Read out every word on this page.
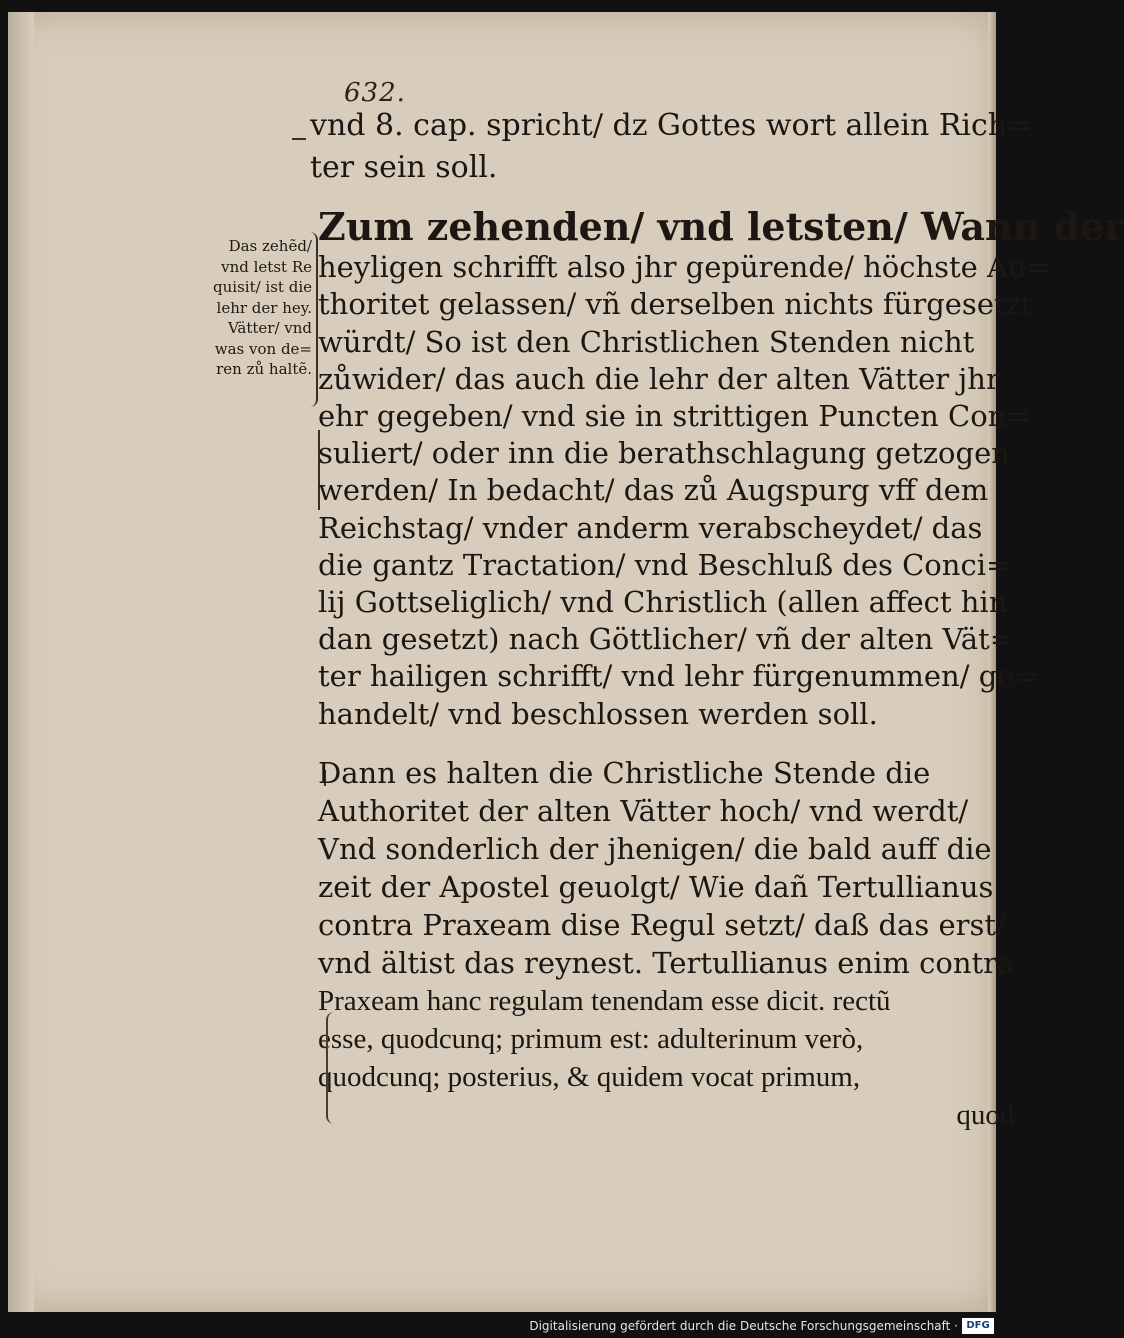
632.
vnd 8. cap. spricht/ dz Gottes wort allein Rich=
ter sein soll.
Das zehẽd/
vnd letst Re
quisit/ ist die
lehr der hey.
Vätter/ vnd
was von de=
ren zů haltẽ.
Zum zehenden/ vnd letsten/ Wann der
heyligen schrifft also jhr gepürende/ höchste Au=
thoritet gelassen/ vñ derselben nichts fürgesetzt
würdt/ So ist den Christlichen Stenden nicht
zůwider/ das auch die lehr der alten Vätter jhr
ehr gegeben/ vnd sie in strittigen Puncten Con=
suliert/ oder inn die berathschlagung getzogen
werden/ In bedacht/ das zů Augspurg vff dem
Reichstag/ vnder anderm verabscheydet/ das
die gantz Tractation/ vnd Beschluß des Conci=
lij Gottseliglich/ vnd Christlich (allen affect hin
dan gesetzt) nach Göttlicher/ vñ der alten Vät=
ter hailigen schrifft/ vnd lehr fürgenummen/ ge=
handelt/ vnd beschlossen werden soll.
Dann es halten die Christliche Stende die
Authoritet der alten Vätter hoch/ vnd werdt/
Vnd sonderlich der jhenigen/ die bald auff die
zeit der Apostel geuolgt/ Wie dañ Tertullianus
contra Praxeam dise Regul setzt/ daß das erst/
vnd ältist das reynest. Tertullianus enim contra
Praxeam hanc regulam tenendam esse dicit. rectũ
esse, quodcunq; primum est: adulterinum verò,
quodcunq; posterius, & quidem vocat primum,
quod
Digitalisierung gefördert durch die Deutsche Forschungsgemeinschaft · DFG
